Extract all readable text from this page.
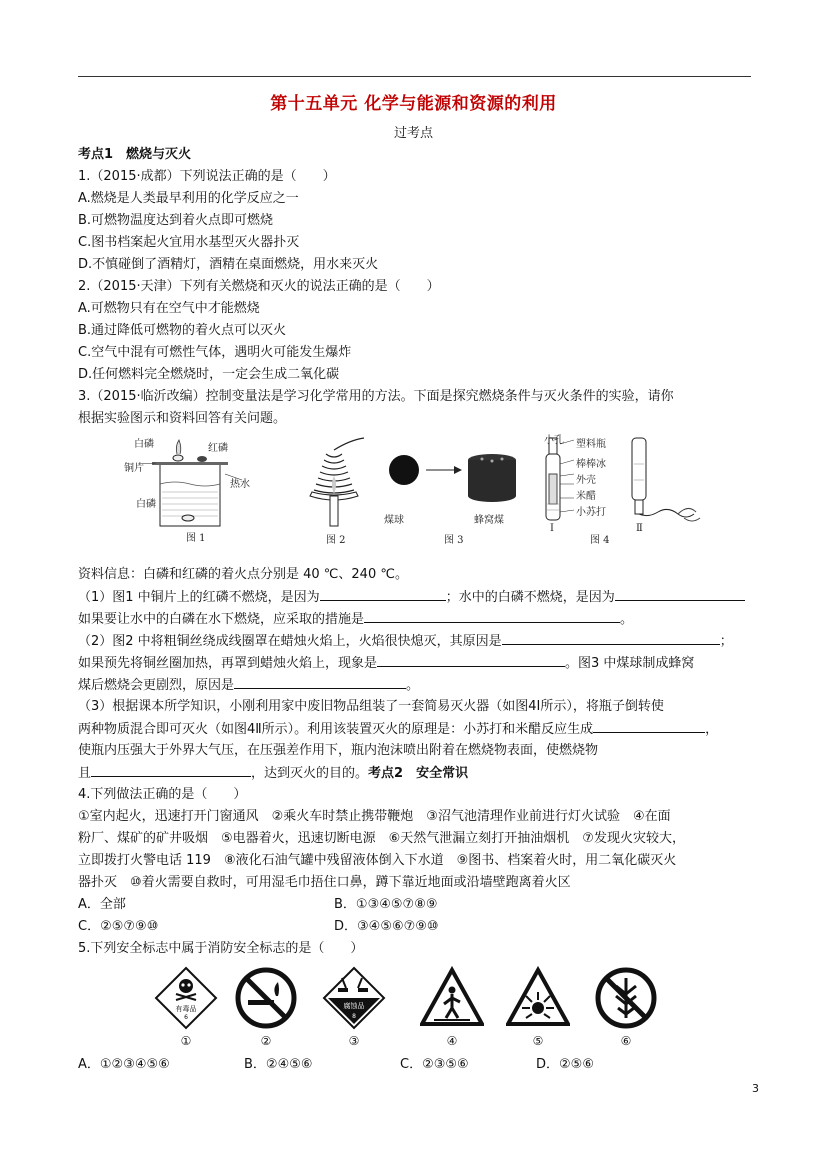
第十五单元 化学与能源和资源的利用
过考点
考点1　燃烧与灭火
1.（2015·成都）下列说法正确的是（　　）
A.燃烧是人类最早利用的化学反应之一
B.可燃物温度达到着火点即可燃烧
C.图书档案起火宜用水基型灭火器扑灭
D.不慎碰倒了酒精灯，酒精在桌面燃烧，用水来灭火
2.（2015·天津）下列有关燃烧和灭火的说法正确的是（　　）
A.可燃物只有在空气中才能燃烧
B.通过降低可燃物的着火点可以灭火
C.空气中混有可燃性气体，遇明火可能发生爆炸
D.任何燃料完全燃烧时，一定会生成二氧化碳
3.（2015·临沂改编）控制变量法是学习化学常用的方法。下面是探究燃烧条件与灭火条件的实验，请你
根据实验图示和资料回答有关问题。
白磷	红磷
铜片
热水
白磷
图 1	图 2
煤球	蜂窝煤
图 3
小孔 塑料瓶
棒棒冰
外壳
米醋
小苏打
Ⅰ	Ⅱ
图 4
资料信息：白磷和红磷的着火点分别是 40 ℃、240 ℃。
（1）图1 中铜片上的红磷不燃烧，是因为	；水中的白磷不燃烧，是因为
如果要让水中的白磷在水下燃烧，应采取的措施是	。
（2）图2 中将粗铜丝绕成线圈罩在蜡烛火焰上，火焰很快熄灭，其原因是	；
如果预先将铜丝圈加热，再罩到蜡烛火焰上，现象是	。图3 中煤球制成蜂窝
煤后燃烧会更剧烈，原因是	。
（3）根据课本所学知识，小刚利用家中废旧物品组装了一套简易灭火器（如图4Ⅰ所示），将瓶子倒转使
两种物质混合即可灭火（如图4Ⅱ所示）。利用该装置灭火的原理是：小苏打和米醋反应生成	，
使瓶内压强大于外界大气压，在压强差作用下，瓶内泡沫喷出附着在燃烧物表面，使燃烧物
且	，达到灭火的目的。考点2　安全常识
4.下列做法正确的是（　　）
①室内起火，迅速打开门窗通风　②乘火车时禁止携带鞭炮　③沼气池清理作业前进行灯火试验　④在面
粉厂、煤矿的矿井吸烟　⑤电器着火，迅速切断电源　⑥天然气泄漏立刻打开抽油烟机　⑦发现火灾较大，
立即拨打火警电话 119　⑧液化石油气罐中残留液体倒入下水道　⑨图书、档案着火时，用二氧化碳灭火
器扑灭　⑩着火需要自救时，可用湿毛巾捂住口鼻，蹲下靠近地面或沿墙壁跑离着火区
A．全部	B．①③④⑤⑦⑧⑨
C．②⑤⑦⑨⑩	D．③④⑤⑥⑦⑨⑩
5.下列安全标志中属于消防安全标志的是（　　）
有毒品
6
腐蚀品
8
①	②	③	④	⑤	⑥
A．①②③④⑤⑥	B．②④⑤⑥	C．②③⑤⑥	D．②⑤⑥
3
